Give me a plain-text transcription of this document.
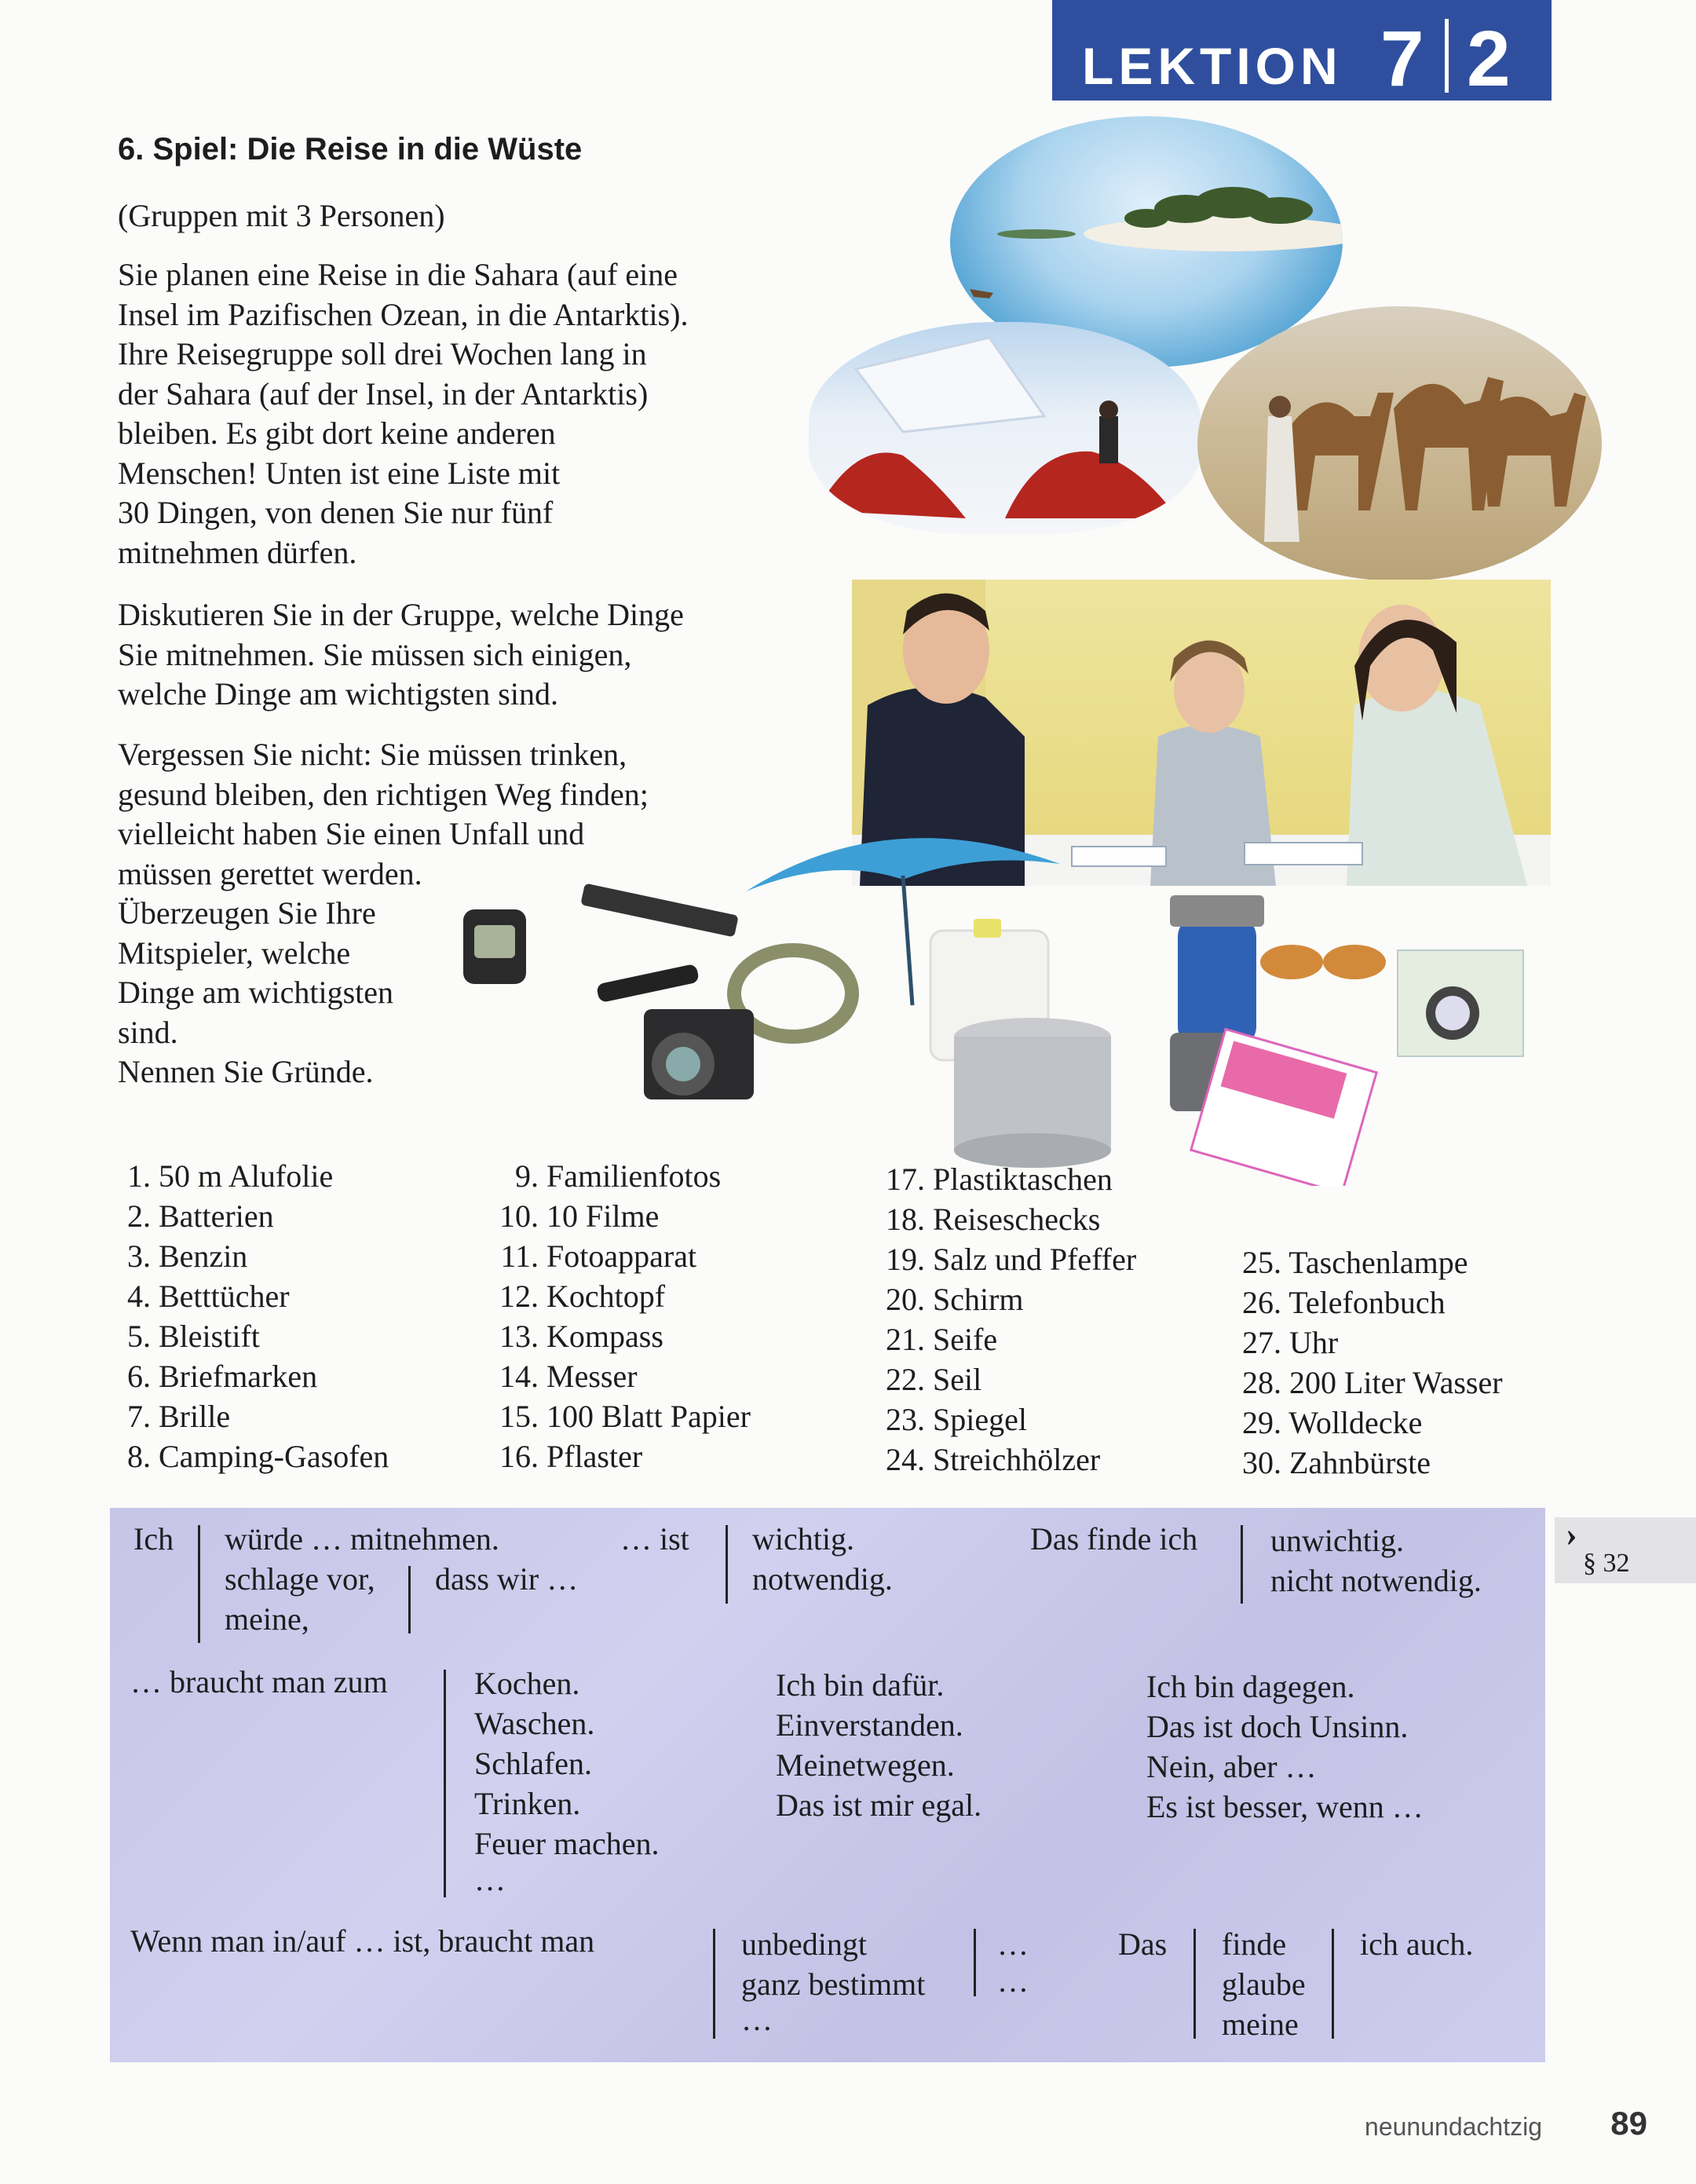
LEKTION 7 2
6. Spiel: Die Reise in die Wüste
(Gruppen mit 3 Personen)
Sie planen eine Reise in die Sahara (auf eine
Insel im Pazifischen Ozean, in die Antarktis).
Ihre Reisegruppe soll drei Wochen lang in
der Sahara (auf der Insel, in der Antarktis)
bleiben. Es gibt dort keine anderen
Menschen! Unten ist eine Liste mit
30 Dingen, von denen Sie nur fünf
mitnehmen dürfen.
Diskutieren Sie in der Gruppe, welche Dinge
Sie mitnehmen. Sie müssen sich einigen,
welche Dinge am wichtigsten sind.
Vergessen Sie nicht: Sie müssen trinken,
gesund bleiben, den richtigen Weg finden;
vielleicht haben Sie einen Unfall und
müssen gerettet werden.
Überzeugen Sie Ihre
Mitspieler, welche
Dinge am wichtigsten
sind.
Nennen Sie Gründe.
1. 50 m Alufolie
2. Batterien
3. Benzin
4. Betttücher
5. Bleistift
6. Briefmarken
7. Brille
8. Camping-Gasofen
9. Familienfotos
10. 10 Filme
11. Fotoapparat
12. Kochtopf
13. Kompass
14. Messer
15. 100 Blatt Papier
16. Pflaster
17. Plastiktaschen
18. Reiseschecks
19. Salz und Pfeffer
20. Schirm
21. Seife
22. Seil
23. Spiegel
24. Streichhölzer
25. Taschenlampe
26. Telefonbuch
27. Uhr
28. 200 Liter Wasser
29. Wolldecke
30. Zahnbürste
Ich würde … mitnehmen.
schlage vor,
meine,
dass wir …
… ist wichtig.
notwendig.
Das finde ich unwichtig.
nicht notwendig.
… braucht man zum	Kochen.
Waschen.
Schlafen.
Trinken.
Feuer machen.
…
Ich bin dafür.
Einverstanden.
Meinetwegen.
Das ist mir egal.
Ich bin dagegen.
Das ist doch Unsinn.
Nein, aber …
Es ist besser, wenn …
Wenn man in/auf … ist, braucht man	unbedingt
ganz bestimmt
…
…
…
Das finde
glaube
meine
ich auch.
›
§ 32
neunundachtzig 89
